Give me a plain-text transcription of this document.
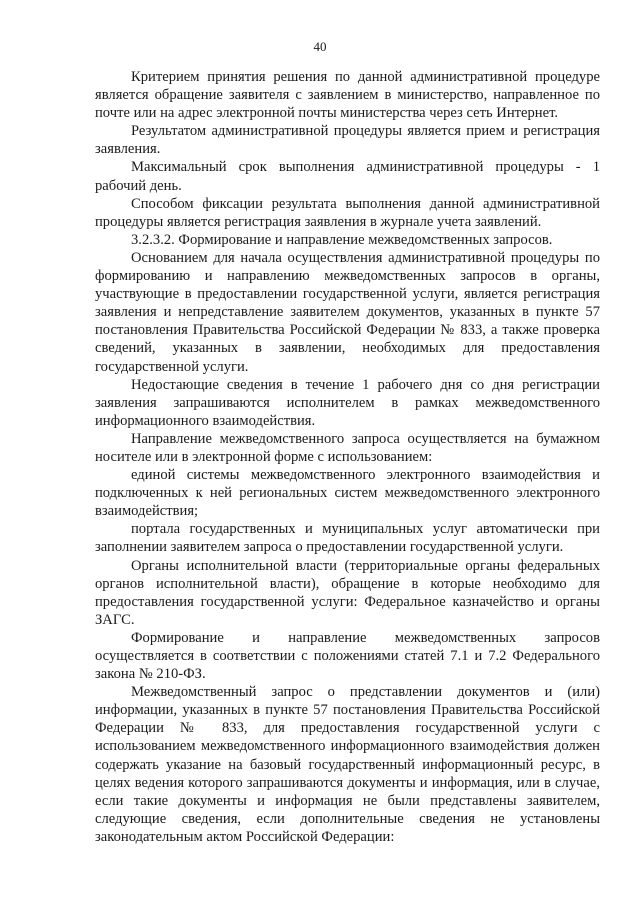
40

Критерием принятия решения по данной административной процедуре является обращение заявителя с заявлением в министерство, направленное по почте или на адрес электронной почты министерства через сеть Интернет.

Результатом административной процедуры является прием и регистрация заявления.

Максимальный срок выполнения административной процедуры - 1 рабочий день.

Способом фиксации результата выполнения данной административной процедуры является регистрация заявления в журнале учета заявлений.

3.2.3.2. Формирование и направление межведомственных запросов.

Основанием для начала осуществления административной процедуры по формированию и направлению межведомственных запросов в органы, участвующие в предоставлении государственной услуги, является регистрация заявления и непредставление заявителем документов, указанных в пункте 57 постановления Правительства Российской Федерации № 833, а также проверка сведений, указанных в заявлении, необходимых для предоставления государственной услуги.

Недостающие сведения в течение 1 рабочего дня со дня регистрации заявления запрашиваются исполнителем в рамках межведомственного информационного взаимодействия.

Направление межведомственного запроса осуществляется на бумажном носителе или в электронной форме с использованием:

единой системы межведомственного электронного взаимодействия и подключенных к ней региональных систем межведомственного электронного взаимодействия;

портала государственных и муниципальных услуг автоматически при заполнении заявителем запроса о предоставлении государственной услуги.

Органы исполнительной власти (территориальные органы федеральных органов исполнительной власти), обращение в которые необходимо для предоставления государственной услуги: Федеральное казначейство и органы ЗАГС.

Формирование и направление межведомственных запросов осуществляется в соответствии с положениями статей 7.1 и 7.2 Федерального закона № 210-ФЗ.

Межведомственный запрос о представлении документов и (или) информации, указанных в пункте 57 постановления Правительства Российской Федерации № 833, для предоставления государственной услуги с использованием межведомственного информационного взаимодействия должен содержать указание на базовый государственный информационный ресурс, в целях ведения которого запрашиваются документы и информация, или в случае, если такие документы и информация не были представлены заявителем, следующие сведения, если дополнительные сведения не установлены законодательным актом Российской Федерации:
